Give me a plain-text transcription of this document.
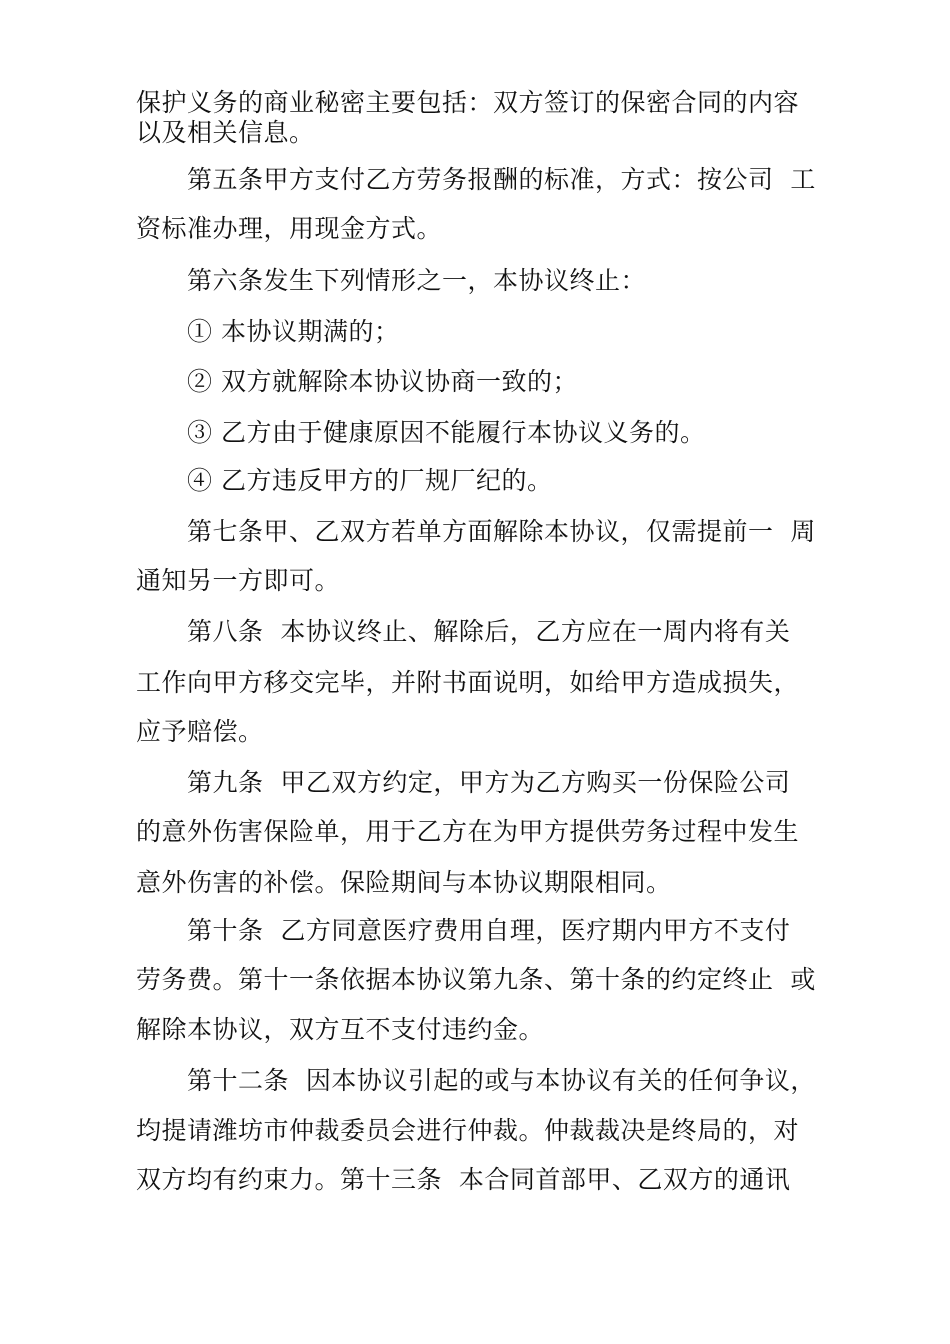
保护义务的商业秘密主要包括：双方签订的保密合同的内容
以及相关信息。
第五条甲方支付乙方劳务报酬的标准，方式：按公司  工
资标准办理，用现金方式。
第六条发生下列情形之一，本协议终止：
① 本协议期满的；
② 双方就解除本协议协商一致的；
③ 乙方由于健康原因不能履行本协议义务的。
④ 乙方违反甲方的厂规厂纪的。
第七条甲、乙双方若单方面解除本协议，仅需提前一  周
通知另一方即可。
第八条  本协议终止、解除后，乙方应在一周内将有关
工作向甲方移交完毕，并附书面说明，如给甲方造成损失，
应予赔偿。
第九条  甲乙双方约定，甲方为乙方购买一份保险公司
的意外伤害保险单，用于乙方在为甲方提供劳务过程中发生
意外伤害的补偿。保险期间与本协议期限相同。
第十条  乙方同意医疗费用自理，医疗期内甲方不支付
劳务费。第十一条依据本协议第九条、第十条的约定终止  或
解除本协议，双方互不支付违约金。
第十二条  因本协议引起的或与本协议有关的任何争议，
均提请潍坊市仲裁委员会进行仲裁。仲裁裁决是终局的，对
双方均有约束力。第十三条  本合同首部甲、乙双方的通讯
